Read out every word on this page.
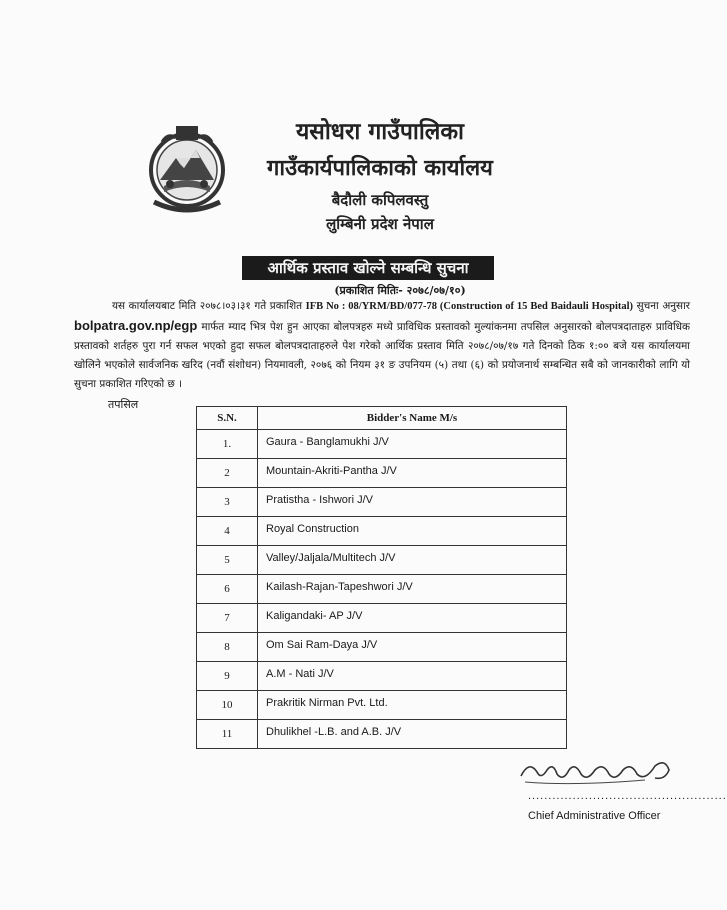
यसोधरा गाउँपालिका
गाउँकार्यपालिकाको कार्यालय
बैदौली कपिलवस्तु
लुम्बिनी प्रदेश नेपाल
आर्थिक प्रस्ताव खोल्ने सम्बन्धि सुचना
(प्रकाशित मितिः- २०७८/०७/१०)
यस कार्यालयबाट मिति २०७८।०३।३१ गते प्रकाशित IFB No : 08/YRM/BD/077-78 (Construction of 15 Bed Baidauli Hospital) सुचना अनुसार bolpatra.gov.np/egp मार्फत म्याद भित्र पेश हुन आएका बोलपत्रहरु मध्ये प्राविधिक प्रस्तावको मुल्यांकनमा तपसिल अनुसारको बोलपत्रदाताहरु प्राविधिक प्रस्तावको शर्तहरु पुरा गर्न सफल भएको हुदा सफल बोलपत्रदाताहरुले पेश गरेको आर्थिक प्रस्ताव मिति २०७८/०७/१७ गते दिनको ठिक १:०० बजे यस कार्यालयमा खोलिने भएकोले सार्वजनिक खरिद (नवौं संशोधन) नियमावली, २०७६ को नियम ३१ ङ उपनियम (५) तथा (६) को प्रयोजनार्थ सम्बन्धित सबै को जानकारीको लागि यो सुचना प्रकाशित गरिएको छ ।
तपसिल
S.N.	Bidder's Name M/s
1.	Gaura - Banglamukhi J/V
2	Mountain-Akriti-Pantha J/V
3	Pratistha - Ishwori J/V
4	Royal Construction
5	Valley/Jaljala/Multitech J/V
6	Kailash-Rajan-Tapeshwori J/V
7	Kaligandaki- AP J/V
8	Om Sai Ram-Daya J/V
9	A.M - Nati J/V
10	Prakritik Nirman Pvt. Ltd.
11	Dhulikhel -L.B. and A.B. J/V
.................................................
Chief Administrative Officer
